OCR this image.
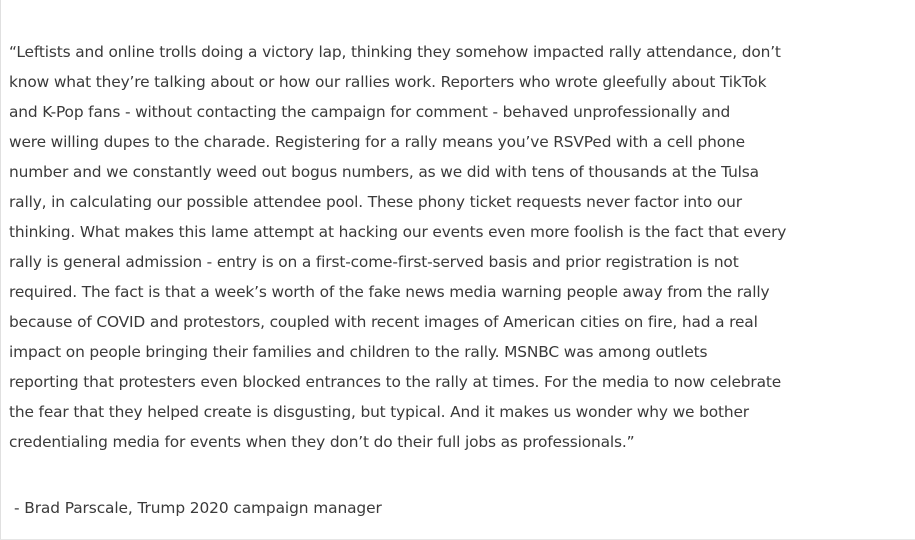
“Leftists and online trolls doing a victory lap, thinking they somehow impacted rally attendance, don’t
know what they’re talking about or how our rallies work. Reporters who wrote gleefully about TikTok
and K-Pop fans - without contacting the campaign for comment - behaved unprofessionally and
were willing dupes to the charade. Registering for a rally means you’ve RSVPed with a cell phone
number and we constantly weed out bogus numbers, as we did with tens of thousands at the Tulsa
rally, in calculating our possible attendee pool. These phony ticket requests never factor into our
thinking. What makes this lame attempt at hacking our events even more foolish is the fact that every
rally is general admission - entry is on a first-come-first-served basis and prior registration is not
required. The fact is that a week’s worth of the fake news media warning people away from the rally
because of COVID and protestors, coupled with recent images of American cities on fire, had a real
impact on people bringing their families and children to the rally. MSNBC was among outlets
reporting that protesters even blocked entrances to the rally at times. For the media to now celebrate
the fear that they helped create is disgusting, but typical. And it makes us wonder why we bother
credentialing media for events when they don’t do their full jobs as professionals.”

- Brad Parscale, Trump 2020 campaign manager
